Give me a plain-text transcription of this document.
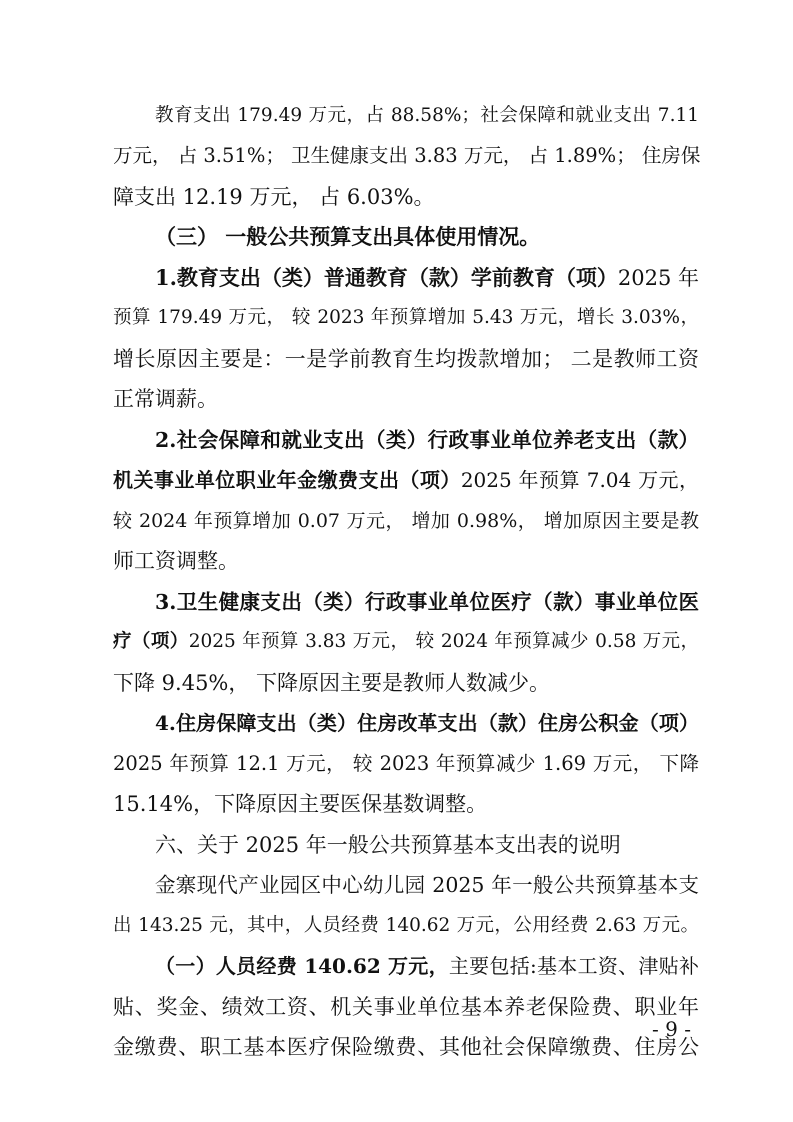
教育支出 179.49 万元，占 88.58%；社会保障和就业支出 7.11

万元， 占 3.51%； 卫生健康支出 3.83 万元， 占 1.89%； 住房保

障支出 12.19 万元， 占 6.03%。

（三） 一般公共预算支出具体使用情况。

1.教育支出（类）普通教育（款）学前教育（项）2025 年

预算 179.49 万元， 较 2023 年预算增加 5.43 万元，增长 3.03%，

增长原因主要是：一是学前教育生均拨款增加； 二是教师工资

正常调薪。

2.社会保障和就业支出（类）行政事业单位养老支出（款）

机关事业单位职业年金缴费支出（项）2025 年预算 7.04 万元，

较 2024 年预算增加 0.07 万元， 增加 0.98%， 增加原因主要是教

师工资调整。

3.卫生健康支出（类）行政事业单位医疗（款）事业单位医

疗（项）2025 年预算 3.83 万元， 较 2024 年预算减少 0.58 万元，

下降 9.45%， 下降原因主要是教师人数减少。

4.住房保障支出（类）住房改革支出（款）住房公积金（项）

2025 年预算 12.1 万元， 较 2023 年预算减少 1.69 万元， 下降

15.14%，下降原因主要医保基数调整。

六、关于 2025 年一般公共预算基本支出表的说明

金寨现代产业园区中心幼儿园 2025 年一般公共预算基本支

出 143.25 元，其中，人员经费 140.62 万元，公用经费 2.63 万元。

（一）人员经费 140.62 万元，主要包括:基本工资、津贴补

贴、奖金、绩效工资、机关事业单位基本养老保险费、职业年

金缴费、职工基本医疗保险缴费、其他社会保障缴费、住房公

- 9 -
